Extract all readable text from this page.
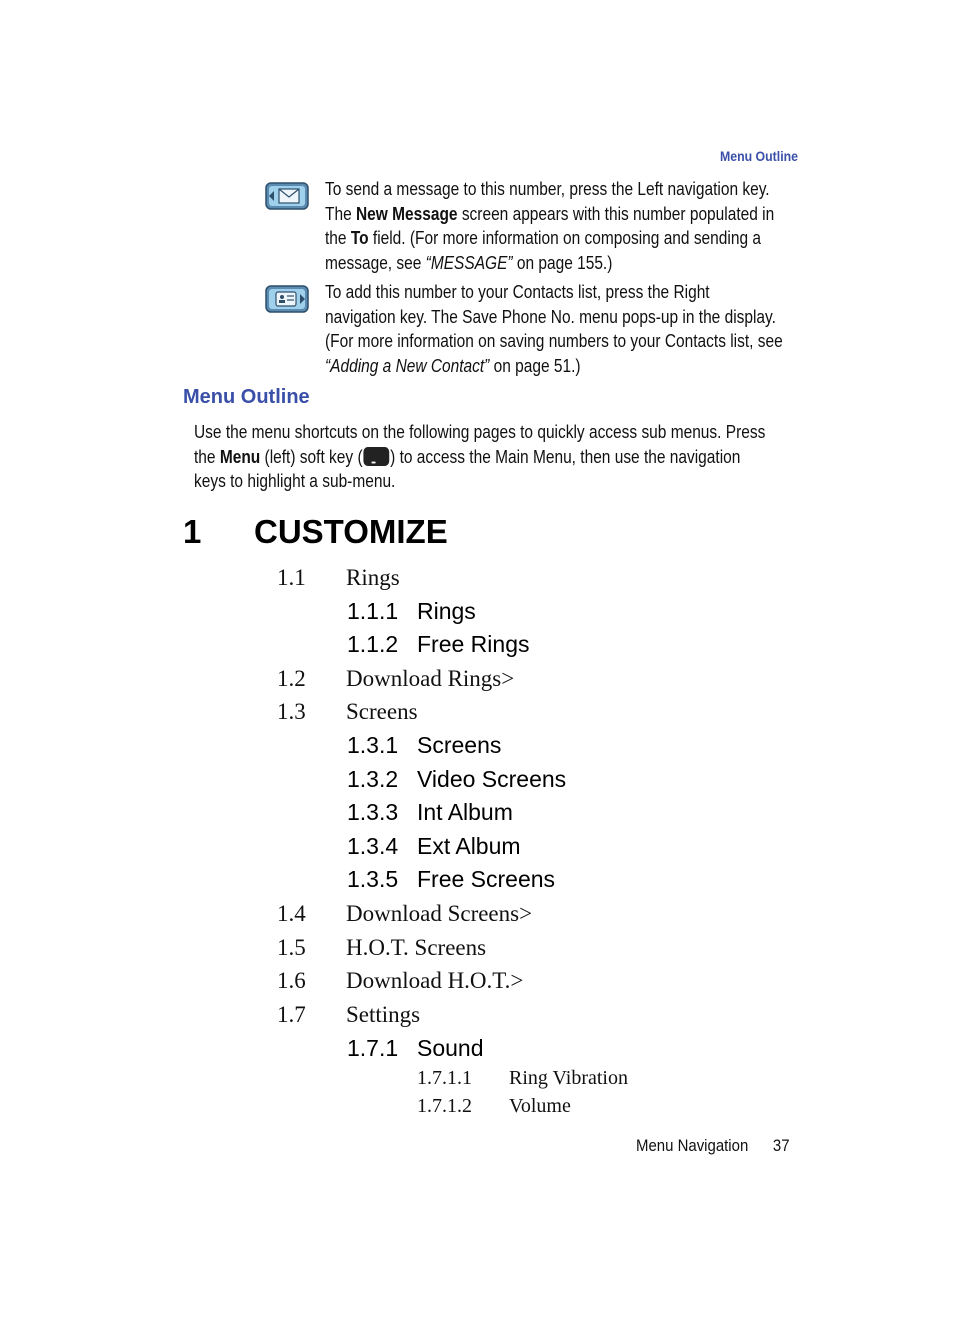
Menu Outline
To send a message to this number, press the Left navigation key.
The New Message screen appears with this number populated in
the To field. (For more information on composing and sending a
message, see “MESSAGE” on page 155.)
To add this number to your Contacts list, press the Right
navigation key. The Save Phone No. menu pops-up in the display.
(For more information on saving numbers to your Contacts list, see
“Adding a New Contact” on page 51.)
Menu Outline
Use the menu shortcuts on the following pages to quickly access sub menus. Press
the Menu (left) soft key (••• ) to access the Main Menu, then use the navigation
keys to highlight a sub-menu.
1 CUSTOMIZE
1.1 Rings
1.1.1 Rings
1.1.2 Free Rings
1.2 Download Rings>
1.3 Screens
1.3.1 Screens
1.3.2 Video Screens
1.3.3 Int Album
1.3.4 Ext Album
1.3.5 Free Screens
1.4 Download Screens>
1.5 H.O.T. Screens
1.6 Download H.O.T.>
1.7 Settings
1.7.1 Sound
1.7.1.1 Ring Vibration
1.7.1.2 Volume
Menu Navigation 37
